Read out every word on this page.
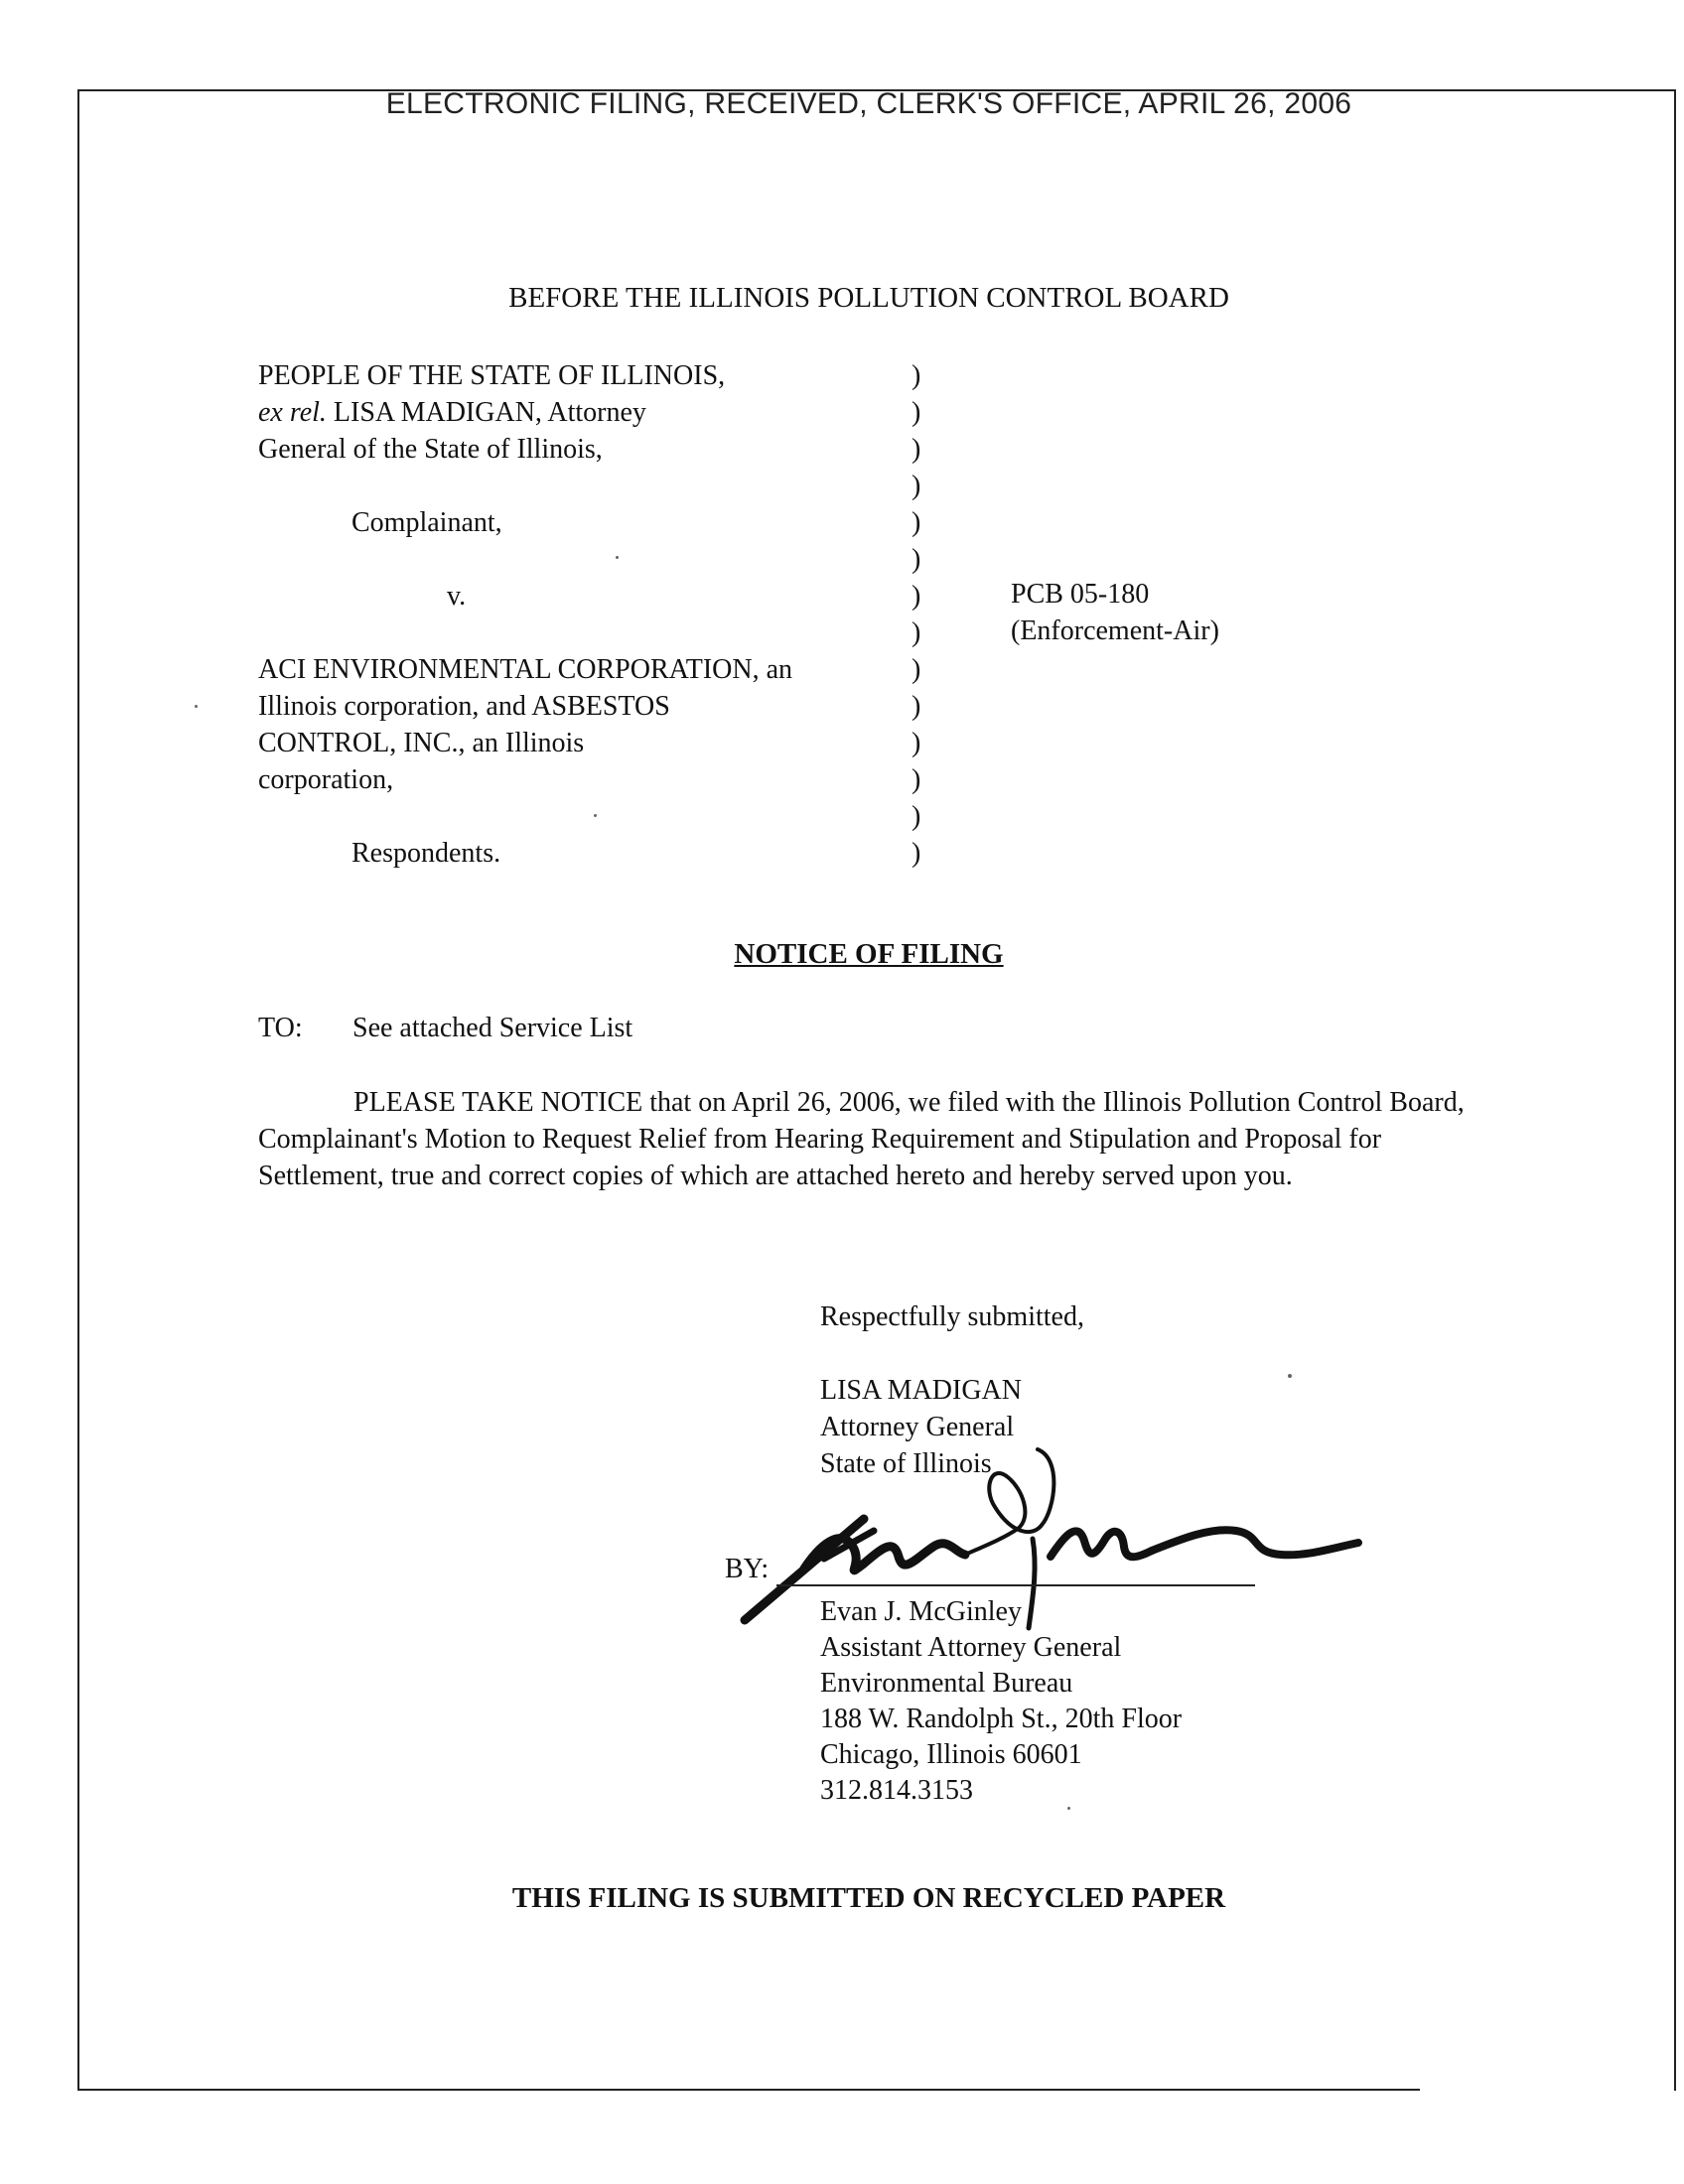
ELECTRONIC FILING, RECEIVED, CLERK'S OFFICE, APRIL 26, 2006
BEFORE THE ILLINOIS POLLUTION CONTROL BOARD
PEOPLE OF THE STATE OF ILLINOIS,
ex rel. LISA MADIGAN, Attorney
General of the State of Illinois,
Complainant,
v.
ACI ENVIRONMENTAL CORPORATION, an
Illinois corporation, and ASBESTOS
CONTROL, INC., an Illinois
corporation,
Respondents.
)
)
)
)
)
)
)
)
)
)
)
)
)
)
PCB 05-180
(Enforcement-Air)
NOTICE OF FILING
TO: See attached Service List
PLEASE TAKE NOTICE that on April 26, 2006, we filed with the Illinois Pollution Control Board, Complainant's Motion to Request Relief from Hearing Requirement and Stipulation and Proposal for Settlement, true and correct copies of which are attached hereto and hereby served upon you.
Respectfully submitted,
LISA MADIGAN
Attorney General
State of Illinois
BY:
Evan J. McGinley
Assistant Attorney General
Environmental Bureau
188 W. Randolph St., 20th Floor
Chicago, Illinois 60601
312.814.3153
THIS FILING IS SUBMITTED ON RECYCLED PAPER
